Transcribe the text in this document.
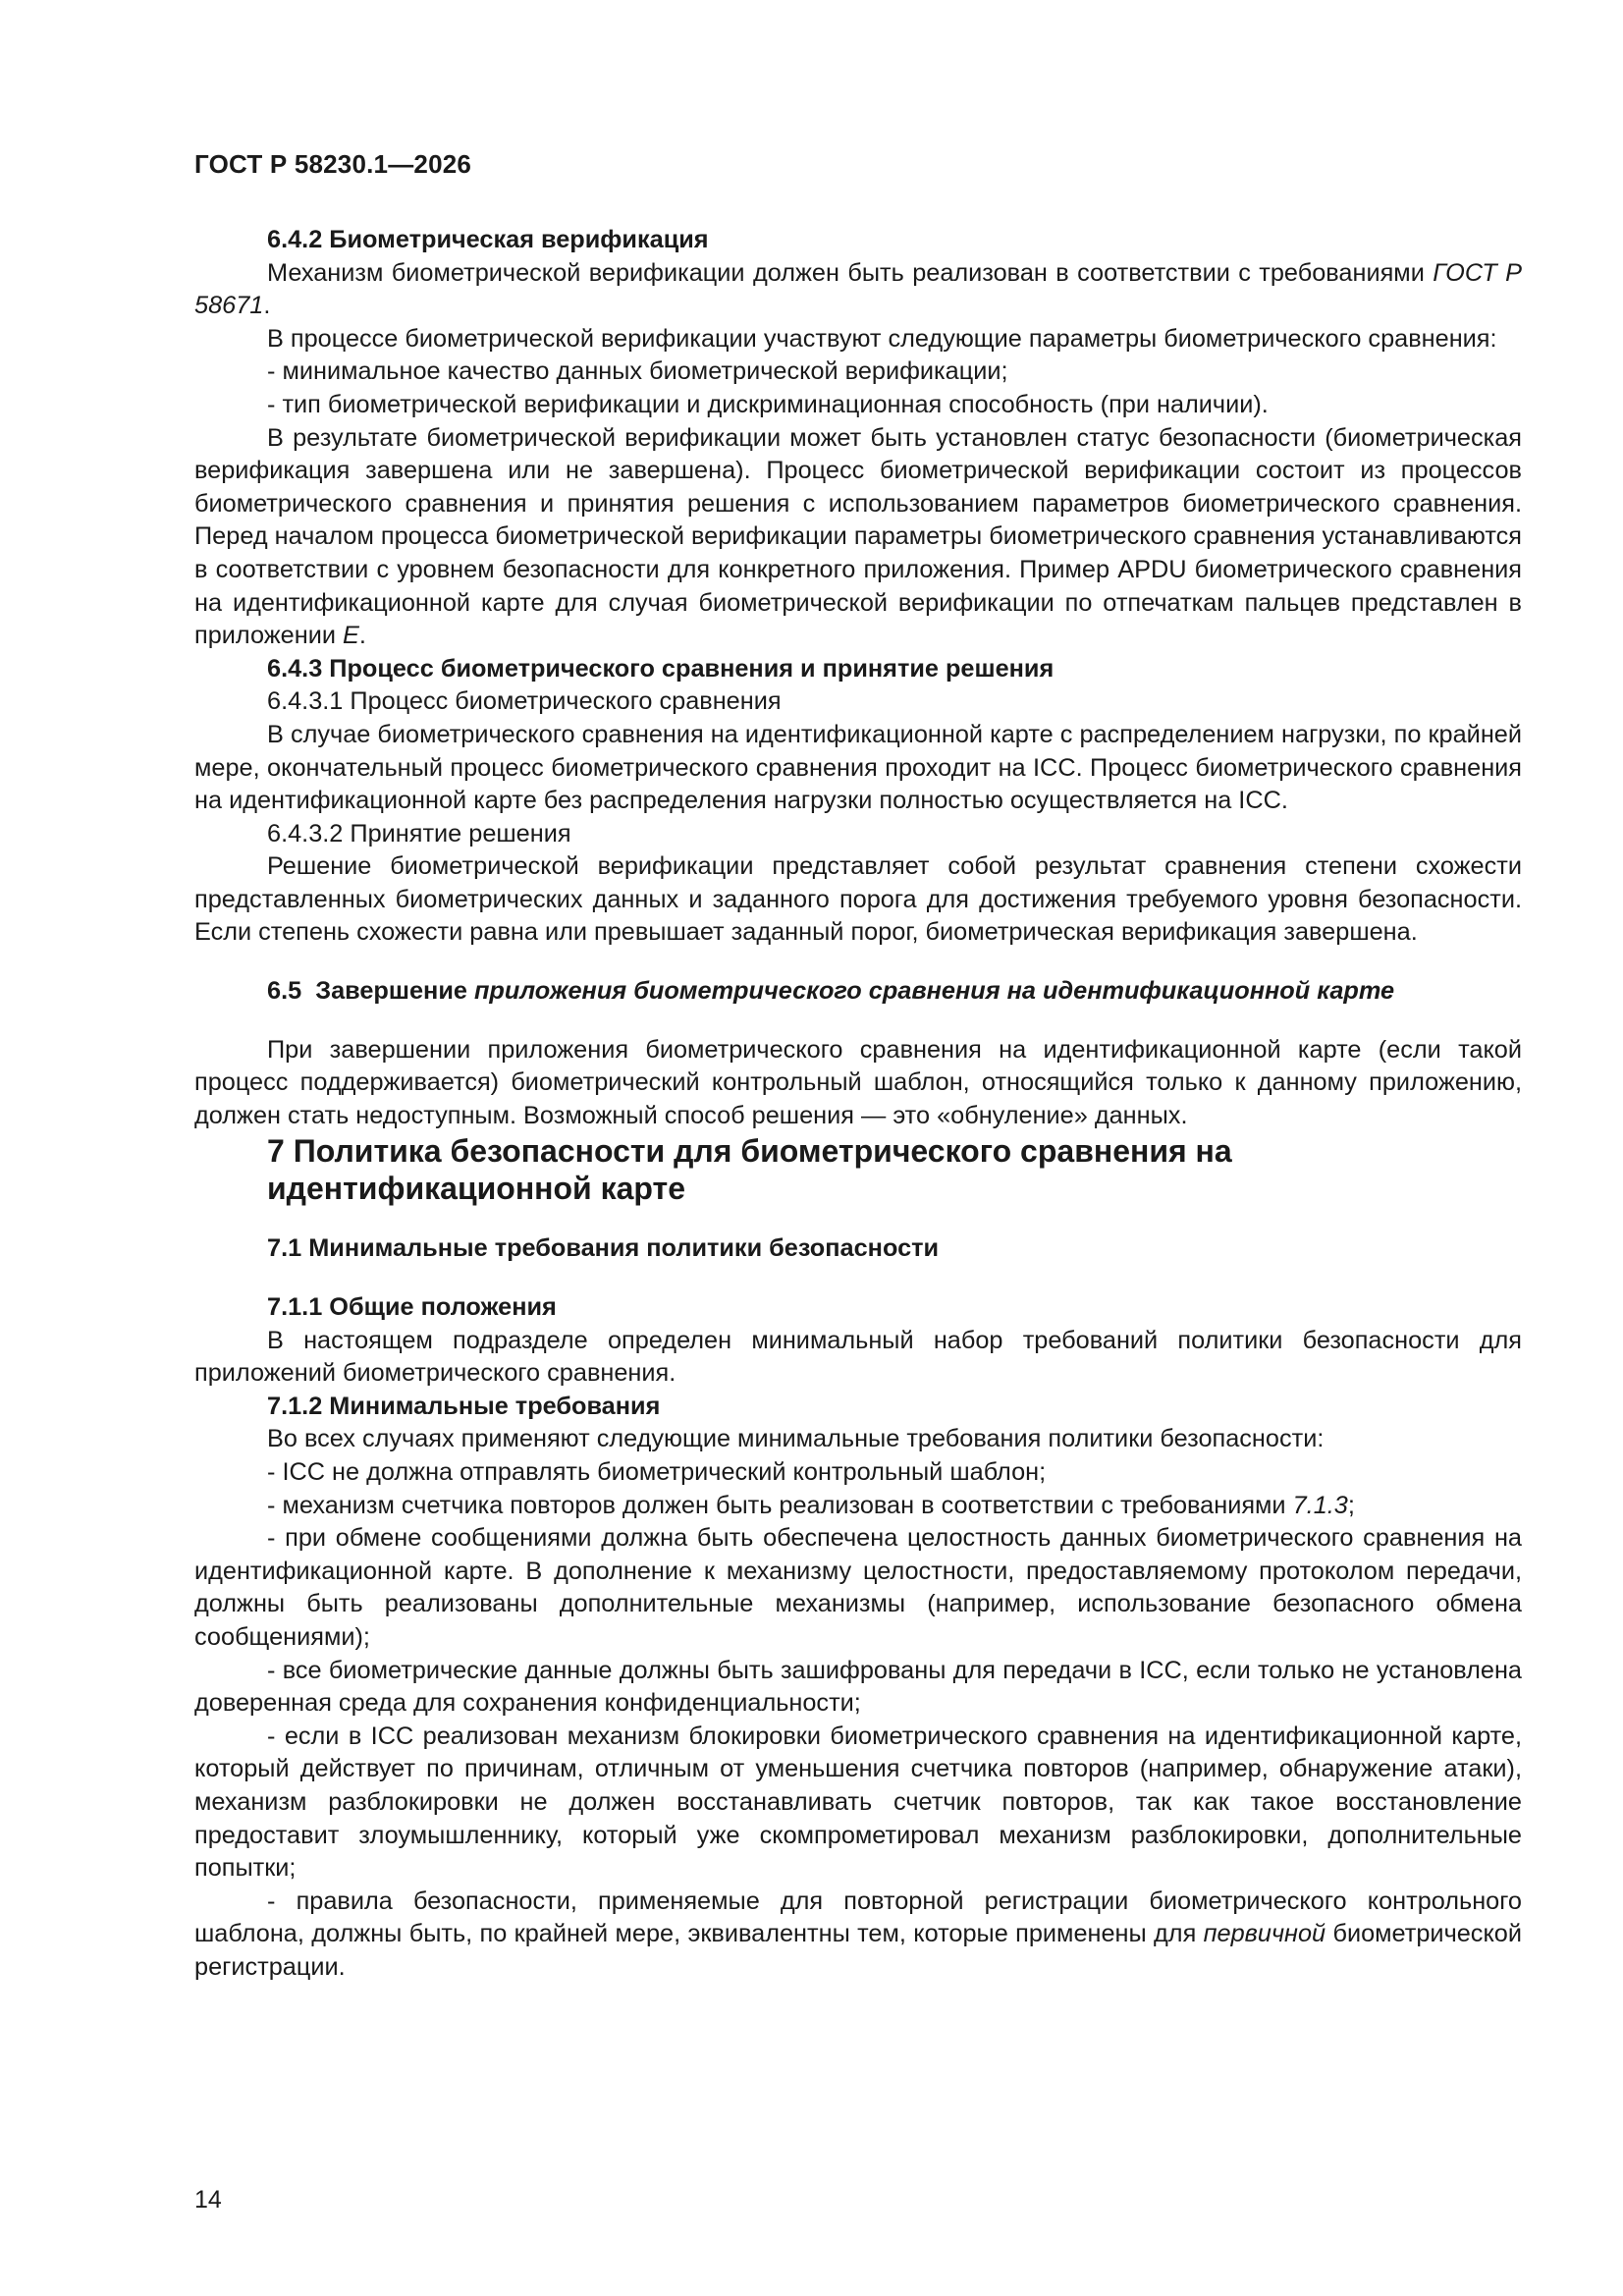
ГОСТ Р 58230.1—2026

6.4.2 Биометрическая верификация

Механизм биометрической верификации должен быть реализован в соответствии с требованиями ГОСТ Р 58671.

В процессе биометрической верификации участвуют следующие параметры биометрического сравнения:

- минимальное качество данных биометрической верификации;

- тип биометрической верификации и дискриминационная способность (при наличии).

В результате биометрической верификации может быть установлен статус безопасности (биометрическая верификация завершена или не завершена). Процесс биометрической верификации состоит из процессов биометрического сравнения и принятия решения с использованием параметров биометрического сравнения. Перед началом процесса биометрической верификации параметры биометрического сравнения устанавливаются в соответствии с уровнем безопасности для конкретного приложения. Пример APDU биометрического сравнения на идентификационной карте для случая биометрической верификации по отпечаткам пальцев представлен в приложении Е.

6.4.3 Процесс биометрического сравнения и принятие решения

6.4.3.1 Процесс биометрического сравнения

В случае биометрического сравнения на идентификационной карте с распределением нагрузки, по крайней мере, окончательный процесс биометрического сравнения проходит на ICC. Процесс биометрического сравнения на идентификационной карте без распределения нагрузки полностью осуществляется на ICC.

6.4.3.2 Принятие решения

Решение биометрической верификации представляет собой результат сравнения степени схожести представленных биометрических данных и заданного порога для достижения требуемого уровня безопасности. Если степень схожести равна или превышает заданный порог, биометрическая верификация завершена.

6.5 Завершение приложения биометрического сравнения на идентификационной карте

При завершении приложения биометрического сравнения на идентификационной карте (если такой процесс поддерживается) биометрический контрольный шаблон, относящийся только к данному приложению, должен стать недоступным. Возможный способ решения — это «обнуление» данных.

7 Политика безопасности для биометрического сравнения на идентификационной карте

7.1 Минимальные требования политики безопасности

7.1.1 Общие положения

В настоящем подразделе определен минимальный набор требований политики безопасности для приложений биометрического сравнения.

7.1.2 Минимальные требования

Во всех случаях применяют следующие минимальные требования политики безопасности:

- ICC не должна отправлять биометрический контрольный шаблон;

- механизм счетчика повторов должен быть реализован в соответствии с требованиями 7.1.3;

- при обмене сообщениями должна быть обеспечена целостность данных биометрического сравнения на идентификационной карте. В дополнение к механизму целостности, предоставляемому протоколом передачи, должны быть реализованы дополнительные механизмы (например, использование безопасного обмена сообщениями);

- все биометрические данные должны быть зашифрованы для передачи в ICC, если только не установлена доверенная среда для сохранения конфиденциальности;

- если в ICC реализован механизм блокировки биометрического сравнения на идентификационной карте, который действует по причинам, отличным от уменьшения счетчика повторов (например, обнаружение атаки), механизм разблокировки не должен восстанавливать счетчик повторов, так как такое восстановление предоставит злоумышленнику, который уже скомпрометировал механизм разблокировки, дополнительные попытки;

- правила безопасности, применяемые для повторной регистрации биометрического контрольного шаблона, должны быть, по крайней мере, эквивалентны тем, которые применены для первичной биометрической регистрации.

14
